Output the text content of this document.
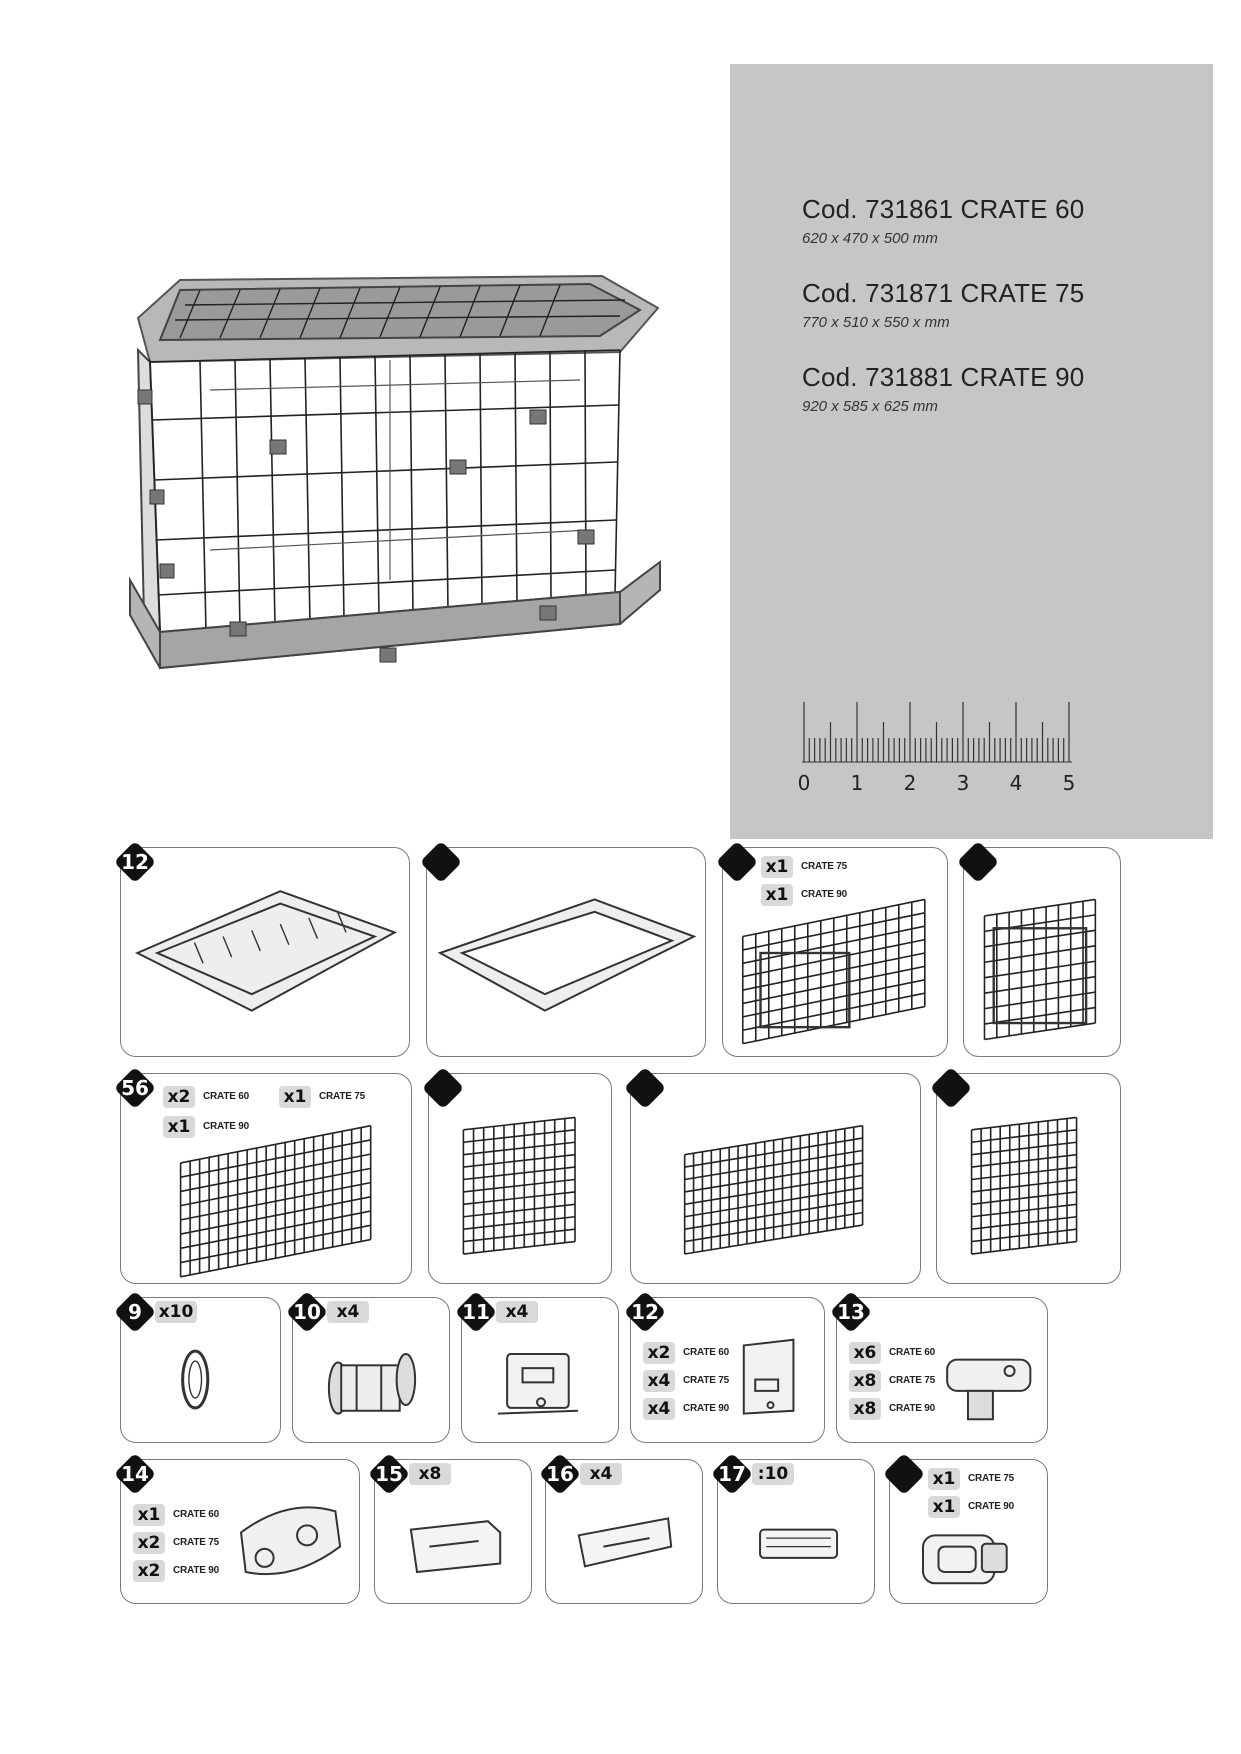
Cod. 731861 CRATE 60
620 x 470 x 500 mm
Cod. 731871 CRATE 75
770 x 510 x 550 x mm
Cod. 731881 CRATE 90
920 x 585 x 625 mm
0 1 2 3 4 5
12	x1	CRATE 75
x1	CRATE 90
56	x2	CRATE 60 x1	CRATE 75
x1	CRATE 90
9 x10	10 x4	11 x4	12
x2	CRATE 60
x4	CRATE 75
x4	CRATE 90
13
x6	CRATE 60
x8	CRATE 75
x8	CRATE 90
14
x1	CRATE 60
x2	CRATE 75
x2	CRATE 90
15 x8	16 x4	17 :10	x1	CRATE 75
x1	CRATE 90
